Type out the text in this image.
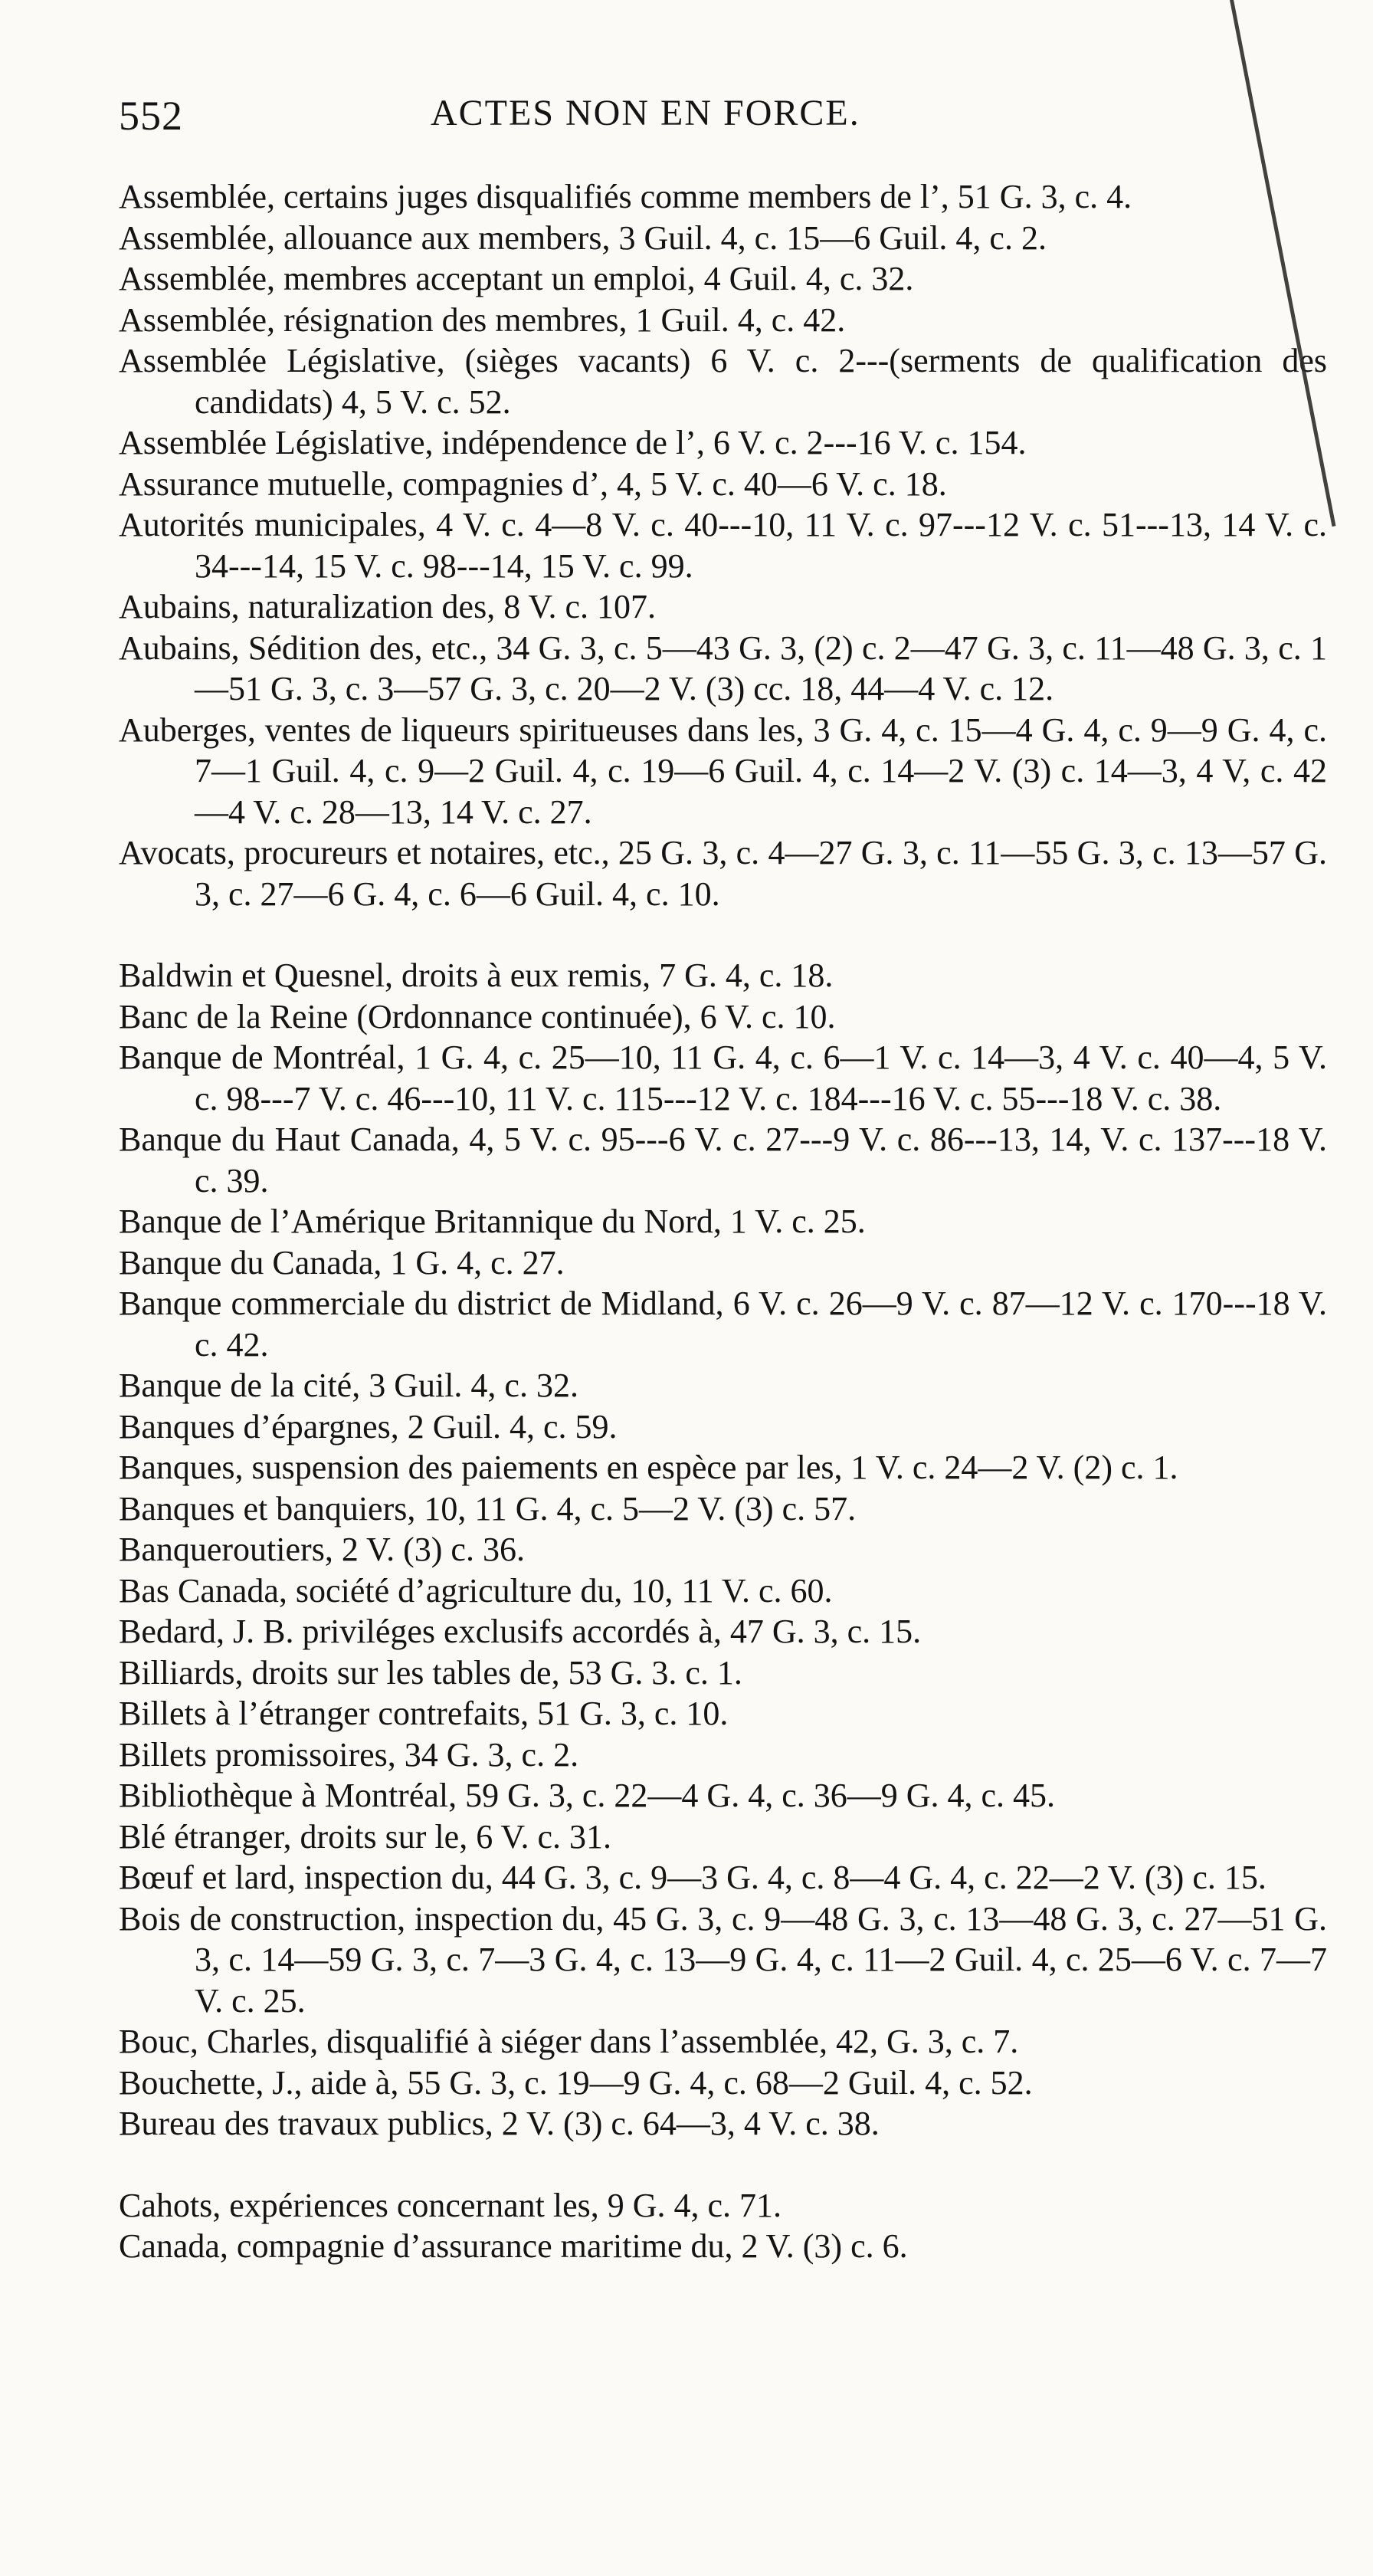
552	ACTES NON EN FORCE.
Assemblée, certains juges disqualifiés comme members de l’, 51 G. 3, c. 4.
Assemblée, allouance aux members, 3 Guil. 4, c. 15—6 Guil. 4, c. 2.
Assemblée, membres acceptant un emploi, 4 Guil. 4, c. 32.
Assemblée, résignation des membres, 1 Guil. 4, c. 42.
Assemblée Législative, (sièges vacants) 6 V. c. 2---(serments de qualification des candidats) 4, 5 V. c. 52.
Assemblée Législative, indépendence de l’, 6 V. c. 2---16 V. c. 154.
Assurance mutuelle, compagnies d’, 4, 5 V. c. 40—6 V. c. 18.
Autorités municipales, 4 V. c. 4—8 V. c. 40---10, 11 V. c. 97---12 V. c. 51---13, 14 V. c. 34---14, 15 V. c. 98---14, 15 V. c. 99.
Aubains, naturalization des, 8 V. c. 107.
Aubains, Sédition des, etc., 34 G. 3, c. 5—43 G. 3, (2) c. 2—47 G. 3, c. 11—48 G. 3, c. 1—51 G. 3, c. 3—57 G. 3, c. 20—2 V. (3) cc. 18, 44—4 V. c. 12.
Auberges, ventes de liqueurs spiritueuses dans les, 3 G. 4, c. 15—4 G. 4, c. 9—9 G. 4, c. 7—1 Guil. 4, c. 9—2 Guil. 4, c. 19—6 Guil. 4, c. 14—2 V. (3) c. 14—3, 4 V, c. 42—4 V. c. 28—13, 14 V. c. 27.
Avocats, procureurs et notaires, etc., 25 G. 3, c. 4—27 G. 3, c. 11—55 G. 3, c. 13—57 G. 3, c. 27—6 G. 4, c. 6—6 Guil. 4, c. 10.
Baldwin et Quesnel, droits à eux remis, 7 G. 4, c. 18.
Banc de la Reine (Ordonnance continuée), 6 V. c. 10.
Banque de Montréal, 1 G. 4, c. 25—10, 11 G. 4, c. 6—1 V. c. 14—3, 4 V. c. 40—4, 5 V. c. 98---7 V. c. 46---10, 11 V. c. 115---12 V. c. 184---16 V. c. 55---18 V. c. 38.
Banque du Haut Canada, 4, 5 V. c. 95---6 V. c. 27---9 V. c. 86---13, 14, V. c. 137---18 V. c. 39.
Banque de l’Amérique Britannique du Nord, 1 V. c. 25.
Banque du Canada, 1 G. 4, c. 27.
Banque commerciale du district de Midland, 6 V. c. 26—9 V. c. 87—12 V. c. 170---18 V. c. 42.
Banque de la cité, 3 Guil. 4, c. 32.
Banques d’épargnes, 2 Guil. 4, c. 59.
Banques, suspension des paiements en espèce par les, 1 V. c. 24—2 V. (2) c. 1.
Banques et banquiers, 10, 11 G. 4, c. 5—2 V. (3) c. 57.
Banqueroutiers, 2 V. (3) c. 36.
Bas Canada, société d’agriculture du, 10, 11 V. c. 60.
Bedard, J. B. priviléges exclusifs accordés à, 47 G. 3, c. 15.
Billiards, droits sur les tables de, 53 G. 3. c. 1.
Billets à l’étranger contrefaits, 51 G. 3, c. 10.
Billets promissoires, 34 G. 3, c. 2.
Bibliothèque à Montréal, 59 G. 3, c. 22—4 G. 4, c. 36—9 G. 4, c. 45.
Blé étranger, droits sur le, 6 V. c. 31.
Bœuf et lard, inspection du, 44 G. 3, c. 9—3 G. 4, c. 8—4 G. 4, c. 22—2 V. (3) c. 15.
Bois de construction, inspection du, 45 G. 3, c. 9—48 G. 3, c. 13—48 G. 3, c. 27—51 G. 3, c. 14—59 G. 3, c. 7—3 G. 4, c. 13—9 G. 4, c. 11—2 Guil. 4, c. 25—6 V. c. 7—7 V. c. 25.
Bouc, Charles, disqualifié à siéger dans l’assemblée, 42, G. 3, c. 7.
Bouchette, J., aide à, 55 G. 3, c. 19—9 G. 4, c. 68—2 Guil. 4, c. 52.
Bureau des travaux publics, 2 V. (3) c. 64—3, 4 V. c. 38.
Cahots, expériences concernant les, 9 G. 4, c. 71.
Canada, compagnie d’assurance maritime du, 2 V. (3) c. 6.
